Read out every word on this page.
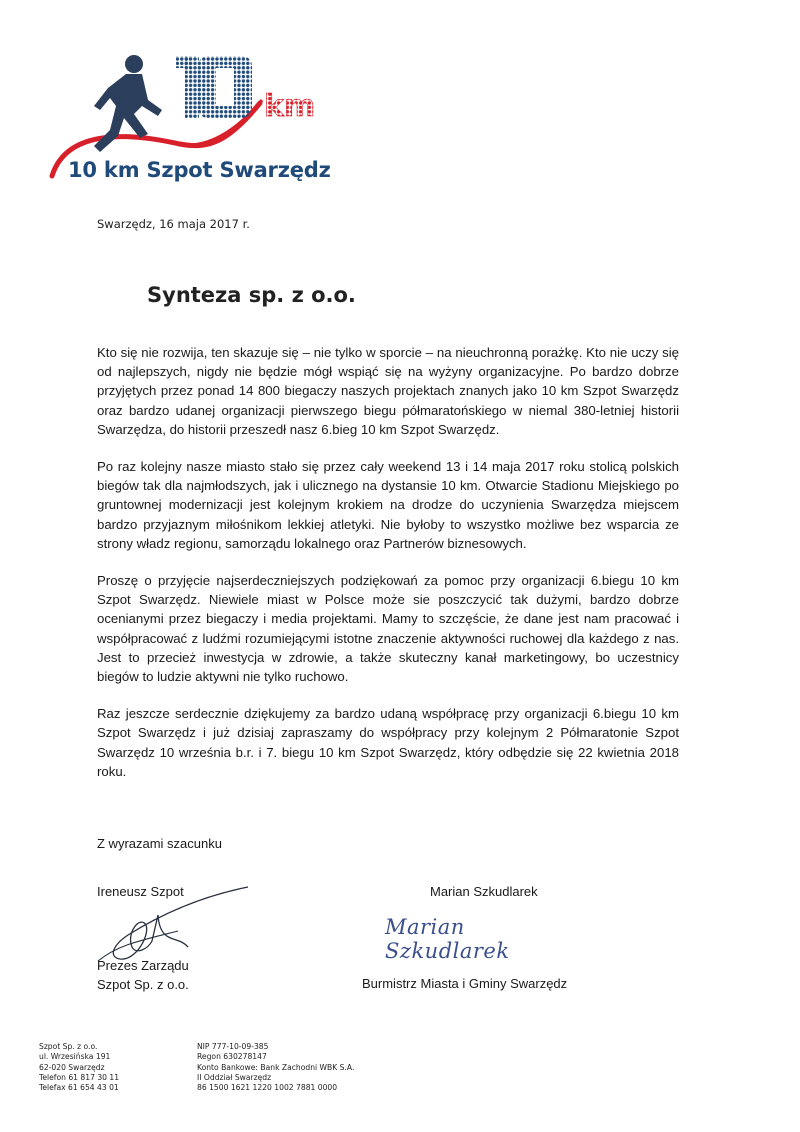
km
10 km Szpot Swarzędz
Swarzędz, 16 maja 2017 r.
Synteza sp. z o.o.

Kto się nie rozwija, ten skazuje się – nie tylko w sporcie – na nieuchronną porażkę. Kto nie uczy się od najlepszych, nigdy nie będzie mógł wspiąć się na wyżyny organizacyjne. Po bardzo dobrze przyjętych przez ponad 14 800 biegaczy naszych projektach znanych jako 10 km Szpot Swarzędz oraz bardzo udanej organizacji pierwszego biegu półmaratońskiego w niemal 380-letniej historii Swarzędza, do historii przeszedł nasz 6.bieg 10 km Szpot Swarzędz.

Po raz kolejny nasze miasto stało się przez cały weekend 13 i 14 maja 2017 roku stolicą polskich biegów tak dla najmłodszych, jak i ulicznego na dystansie 10 km. Otwarcie Stadionu Miejskiego po gruntownej modernizacji jest kolejnym krokiem na drodze do uczynienia Swarzędza miejscem bardzo przyjaznym miłośnikom lekkiej atletyki. Nie byłoby to wszystko możliwe bez wsparcia ze strony władz regionu, samorządu lokalnego oraz Partnerów biznesowych.

Proszę o przyjęcie najserdeczniejszych podziękowań za pomoc przy organizacji 6.biegu 10 km Szpot Swarzędz. Niewiele miast w Polsce może sie poszczycić tak dużymi, bardzo dobrze ocenianymi przez biegaczy i media projektami. Mamy to szczęście, że dane jest nam pracować i współpracować z ludźmi rozumiejącymi istotne znaczenie aktywności ruchowej dla każdego z nas. Jest to przecież inwestycja w zdrowie, a także skuteczny kanał marketingowy, bo uczestnicy biegów to ludzie aktywni nie tylko ruchowo.

Raz jeszcze serdecznie dziękujemy za bardzo udaną współpracę przy organizacji 6.biegu 10 km Szpot Swarzędz i już dzisiaj zapraszamy do współpracy przy kolejnym 2 Półmaratonie Szpot Swarzędz 10 września b.r. i 7. biegu 10 km Szpot Swarzędz, który odbędzie się 22 kwietnia 2018 roku.

Z wyrazami szacunku
Ireneusz Szpot
Prezes Zarządu
Szpot Sp. z o.o.
Marian Szkudlarek
Marian Szkudlarek
Burmistrz Miasta i Gminy Swarzędz
Szpot Sp. z o.o.
ul. Wrzesińska 191
62-020 Swarzędz
Telefon 61 817 30 11
Telefax 61 654 43 01
NIP 777-10-09-385
Regon 630278147
Konto Bankowe: Bank Zachodni WBK S.A.
II Oddział Swarzędz
86 1500 1621 1220 1002 7881 0000
